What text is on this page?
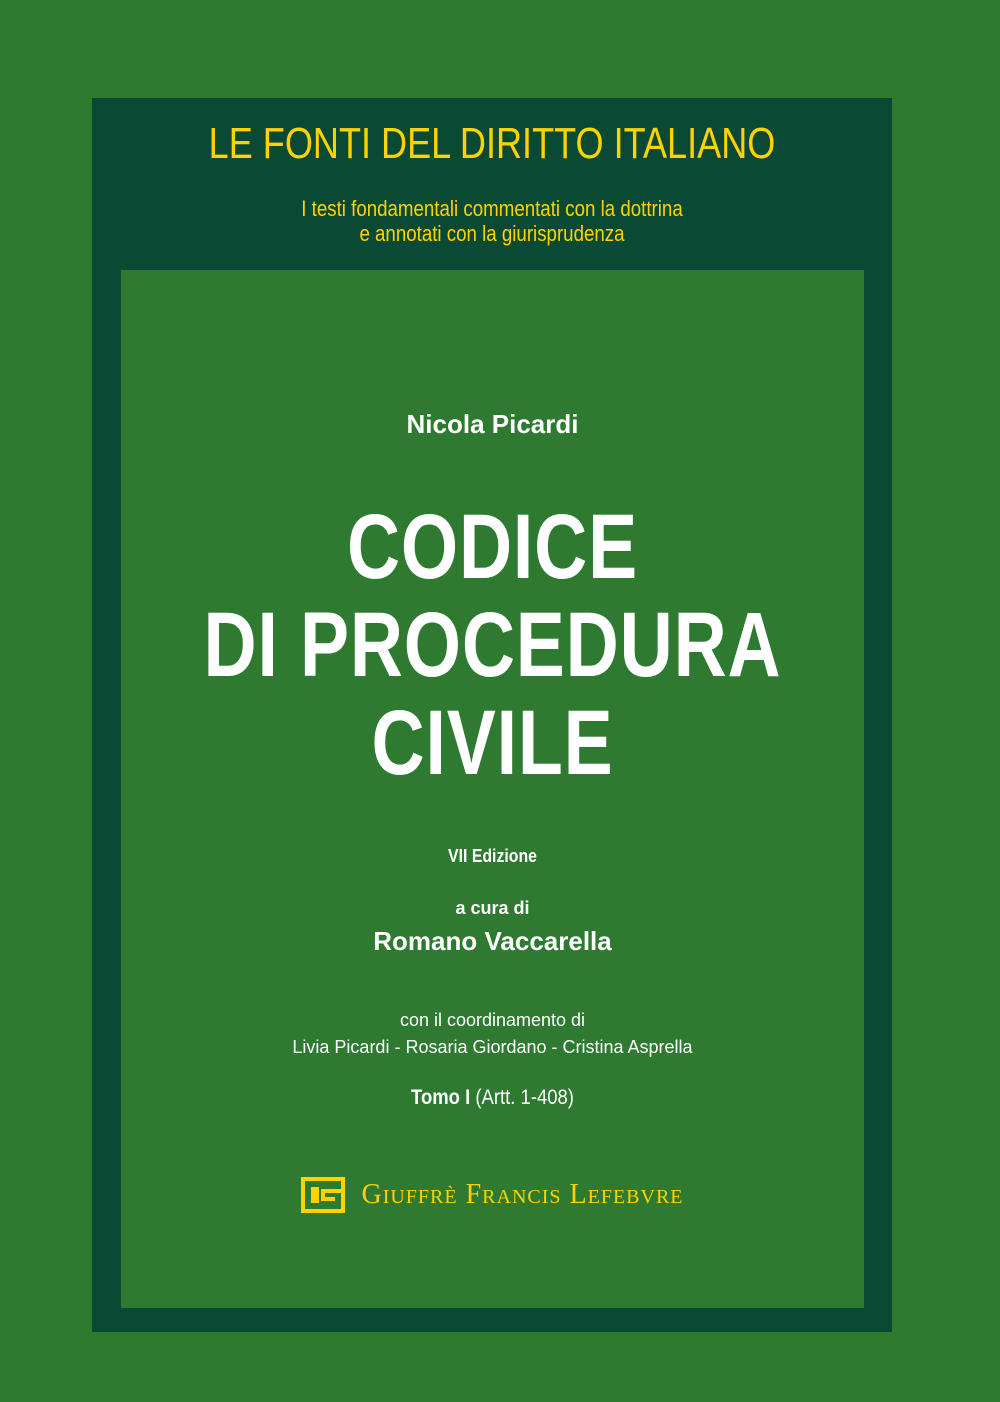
LE FONTI DEL DIRITTO ITALIANO
I testi fondamentali commentati con la dottrina
e annotati con la giurisprudenza
Nicola Picardi
CODICE
DI PROCEDURA
CIVILE
VII Edizione
a cura di
Romano Vaccarella
con il coordinamento di
Livia Picardi - Rosaria Giordano - Cristina Asprella
Tomo I (Artt. 1-408)
Giuffrè Francis Lefebvre
